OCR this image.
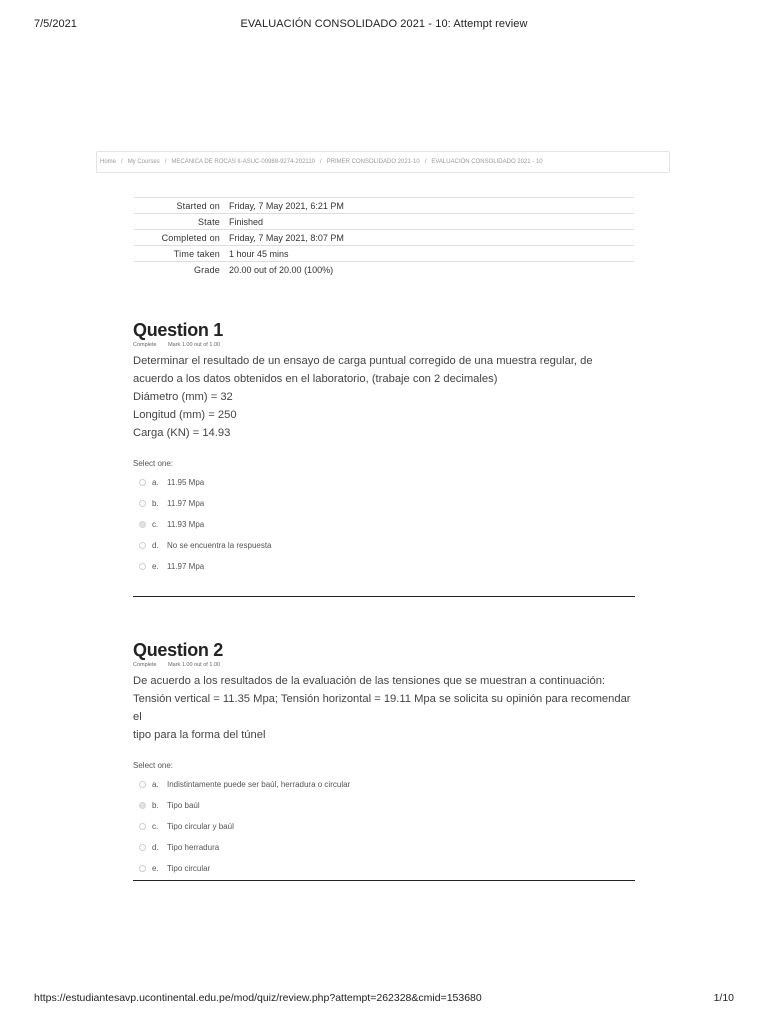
7/5/2021	EVALUACIÓN CONSOLIDADO 2021 - 10: Attempt review
Home / My Courses / MECÁNICA DE ROCAS II-ASUC-00988-9274-202110 / PRIMER CONSOLIDADO 2021-10 / EVALUACIÓN CONSOLIDADO 2021 - 10
Started on	Friday, 7 May 2021, 6:21 PM
State	Finished
Completed on	Friday, 7 May 2021, 8:07 PM
Time taken	1 hour 45 mins
Grade	20.00 out of 20.00 (100%)
Question 1
Complete Mark 1.00 out of 1.00
Determinar el resultado de un ensayo de carga puntual corregido de una muestra regular, de
acuerdo a los datos obtenidos en el laboratorio, (trabaje con 2 decimales)
Diámetro (mm) = 32
Longitud (mm) = 250
Carga (KN) = 14.93
Select one:
a.	11.95 Mpa
b.	11.97 Mpa
c.	11.93 Mpa
d.	No se encuentra la respuesta
e.	11.97 Mpa
Question 2
Complete Mark 1.00 out of 1.00
De acuerdo a los resultados de la evaluación de las tensiones que se muestran a continuación:
Tensión vertical = 11.35 Mpa; Tensión horizontal = 19.11 Mpa se solicita su opinión para recomendar el
tipo para la forma del túnel
Select one:
a.	Indistintamente puede ser baúl, herradura o circular
b.	Tipo baúl
c.	Tipo circular y baúl
d.	Tipo herradura
e.	Tipo circular
https://estudiantesavp.ucontinental.edu.pe/mod/quiz/review.php?attempt=262328&cmid=153680	1/10
